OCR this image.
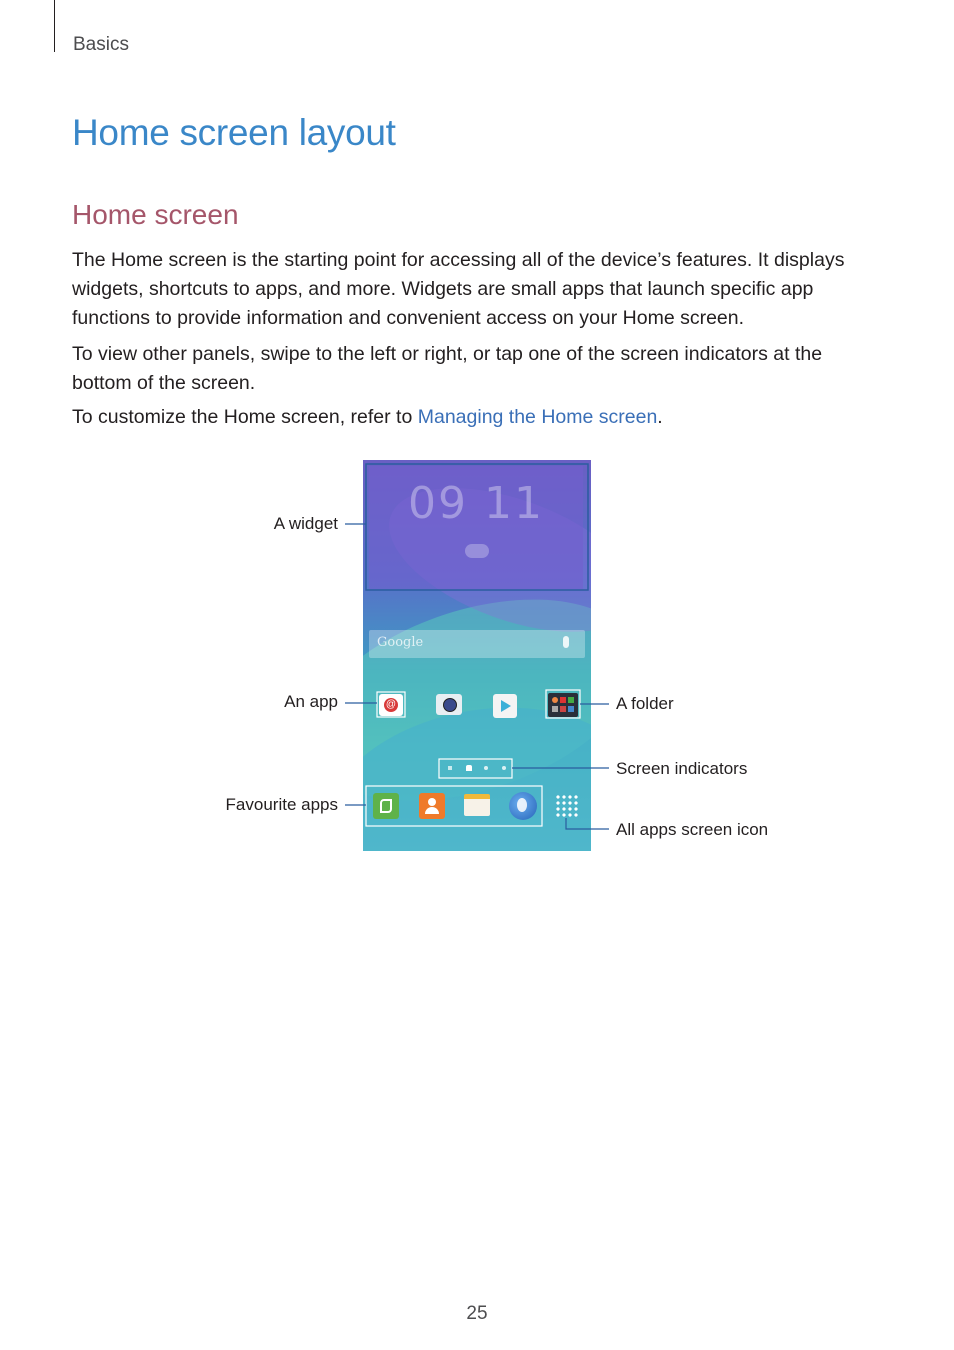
Basics
Home screen layout
Home screen

The Home screen is the starting point for accessing all of the device’s features. It displays widgets, shortcuts to apps, and more. Widgets are small apps that launch specific app functions to provide information and convenient access on your Home screen.

To view other panels, swipe to the left or right, or tap one of the screen indicators at the bottom of the screen.

To customize the Home screen, refer to Managing the Home screen.

09 11
Google
@
A widget
An app
Favourite apps
A folder
Screen indicators
All apps screen icon
25
